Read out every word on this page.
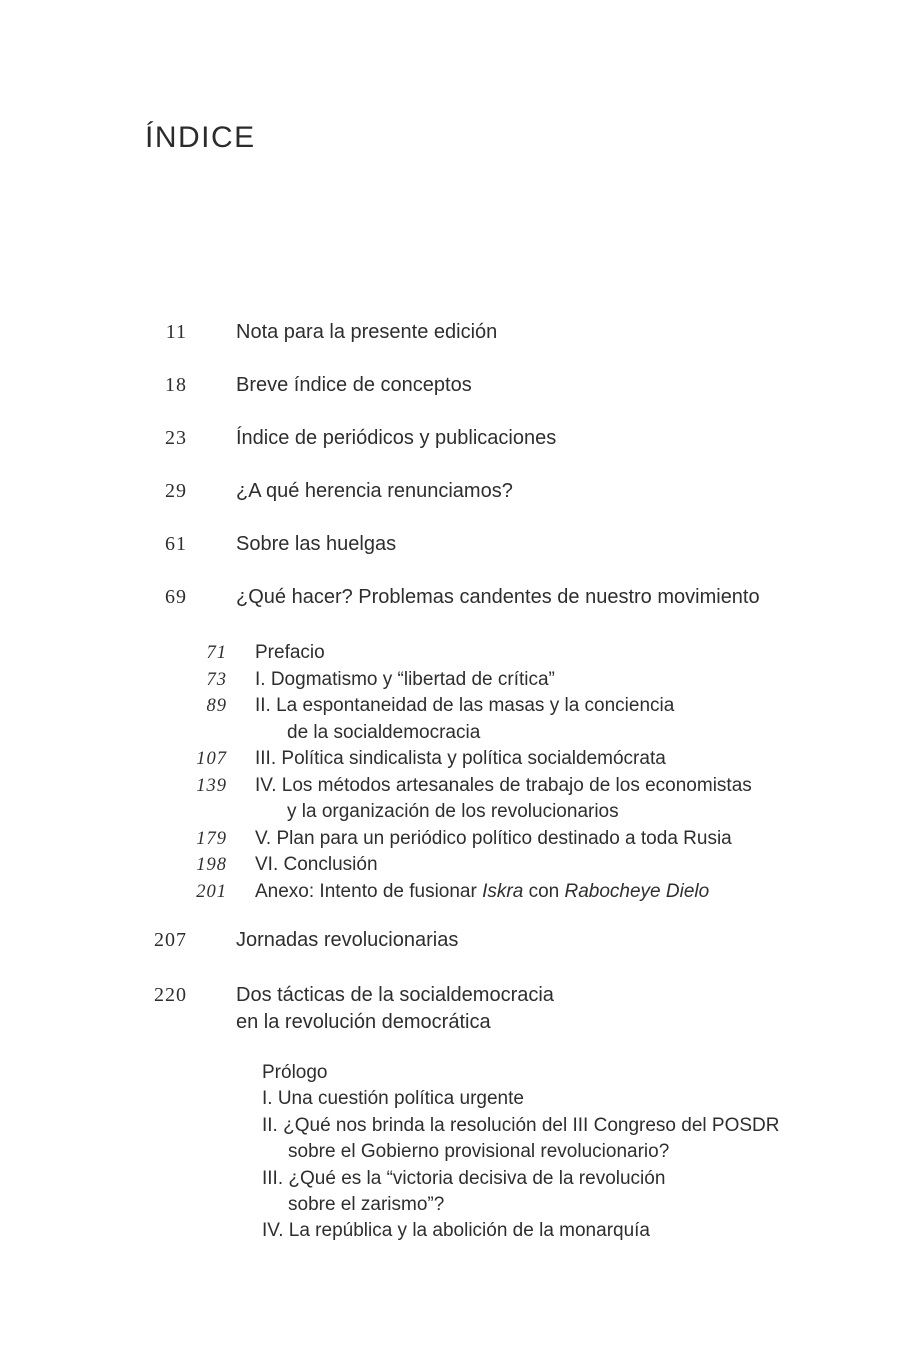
ÍNDICE
11 Nota para la presente edición
18 Breve índice de conceptos
23 Índice de periódicos y publicaciones
29 ¿A qué herencia renunciamos?
61 Sobre las huelgas
69 ¿Qué hacer? Problemas candentes de nuestro movimiento
71 Prefacio
73 I. Dogmatismo y “libertad de crítica”
89 II. La espontaneidad de las masas y la conciencia
de la socialdemocracia
107 III. Política sindicalista y política socialdemócrata
139 IV. Los métodos artesanales de trabajo de los economistas
y la organización de los revolucionarios
179 V. Plan para un periódico político destinado a toda Rusia
198 VI. Conclusión
201 Anexo: Intento de fusionar Iskra con Rabocheye Dielo
207 Jornadas revolucionarias
220 Dos tácticas de la socialdemocracia
en la revolución democrática
Prólogo
I. Una cuestión política urgente
II. ¿Qué nos brinda la resolución del III Congreso del POSDR
sobre el Gobierno provisional revolucionario?
III. ¿Qué es la “victoria decisiva de la revolución
sobre el zarismo”?
IV. La república y la abolición de la monarquía
